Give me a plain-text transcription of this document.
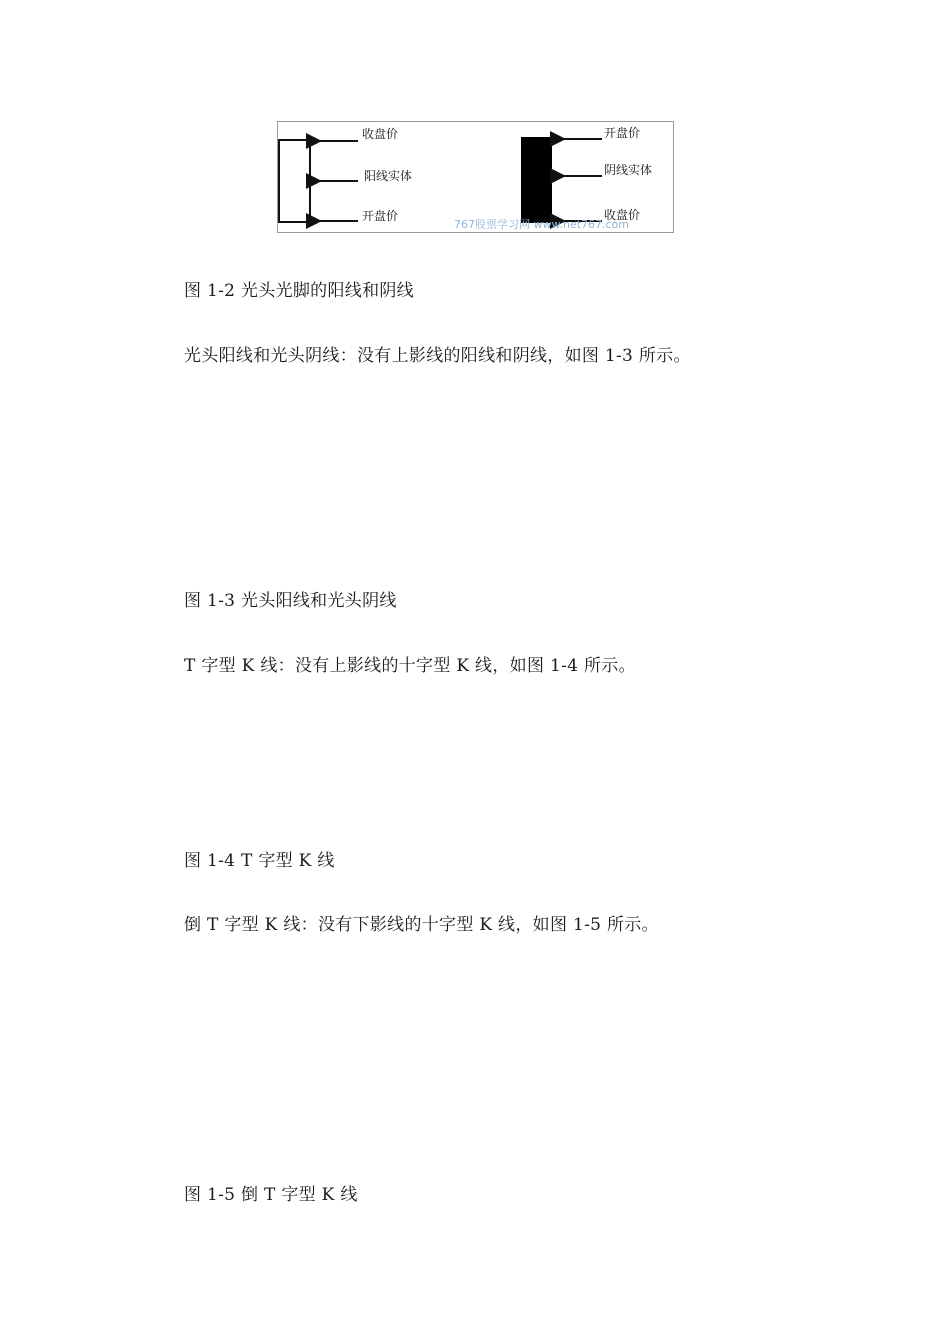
收盘价
阳线实体
开盘价
开盘价
阴线实体
收盘价
767股票学习网 www.net767.com
图 1-2 光头光脚的阳线和阴线
光头阳线和光头阴线：没有上影线的阳线和阴线，如图 1-3 所示。
图 1-3 光头阳线和光头阴线
T 字型 K 线：没有上影线的十字型 K 线，如图 1-4 所示。
图 1-4 T 字型 K 线
倒 T 字型 K 线：没有下影线的十字型 K 线，如图 1-5 所示。
图 1-5 倒 T 字型 K 线
